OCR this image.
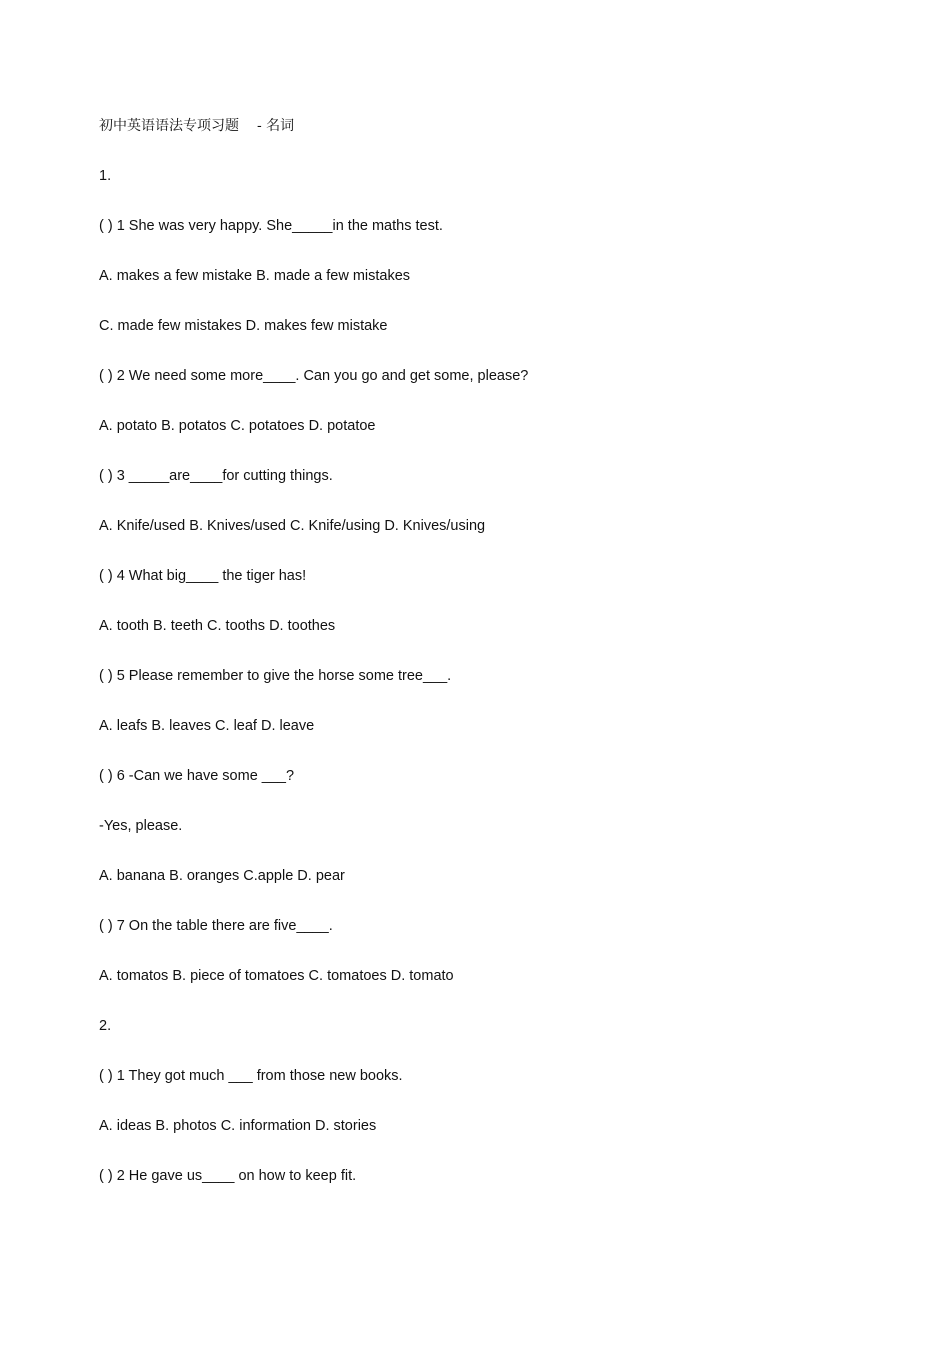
初中英语语法专项习题 - 名词
1.
( ) 1 She was very happy. She_____in the maths test.
A. makes a few mistake B. made a few mistakes
C. made few mistakes D. makes few mistake
( ) 2 We need some more____. Can you go and get some, please?
A. potato B. potatos C. potatoes D. potatoe
( ) 3 _____are____for cutting things.
A. Knife/used B. Knives/used C. Knife/using D. Knives/using
( ) 4 What big____ the tiger has!
A. tooth B. teeth C. tooths D. toothes
( ) 5 Please remember to give the horse some tree___.
A. leafs B. leaves C. leaf D. leave
( ) 6 -Can we have some ___?
-Yes, please.
A. banana B. oranges C.apple D. pear
( ) 7 On the table there are five____.
A. tomatos B. piece of tomatoes C. tomatoes D. tomato
2.
( ) 1 They got much ___ from those new books.
A. ideas B. photos C. information D. stories
( ) 2 He gave us____ on how to keep fit.
